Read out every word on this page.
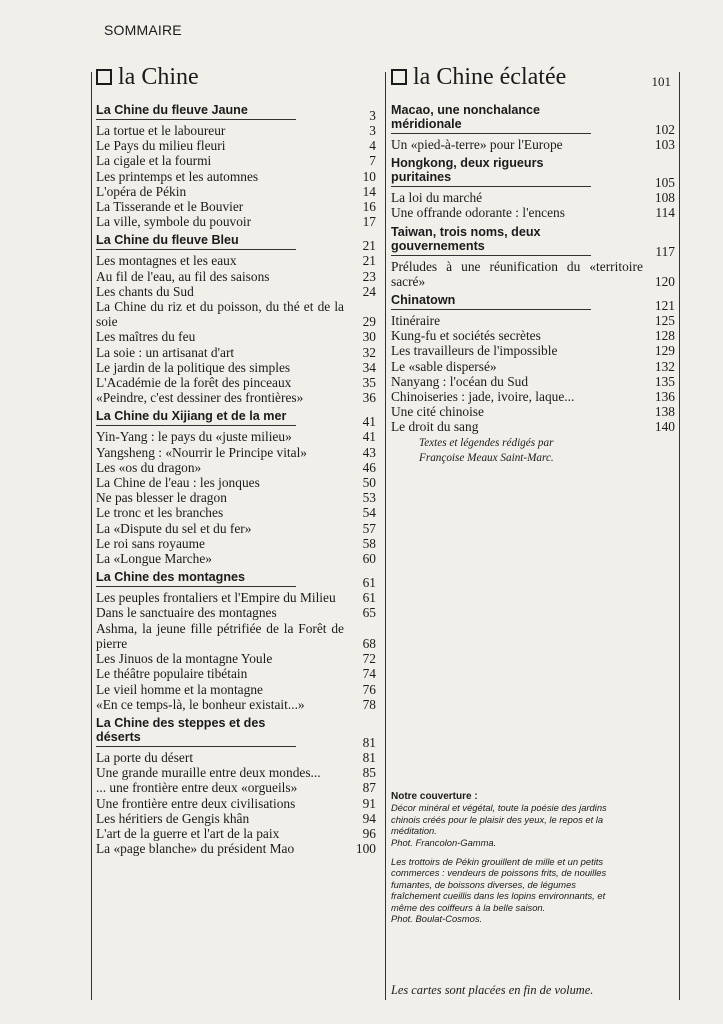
SOMMAIRE
la Chine
La Chine du fleuve Jaune	3
La tortue et le laboureur	3
Le Pays du milieu fleuri	4
La cigale et la fourmi	7
Les printemps et les automnes	10
L'opéra de Pékin	14
La Tisserande et le Bouvier	16
La ville, symbole du pouvoir	17
La Chine du fleuve Bleu	21
Les montagnes et les eaux	21
Au fil de l'eau, au fil des saisons	23
Les chants du Sud	24
La Chine du riz et du poisson, du thé et de la soie	29
Les maîtres du feu	30
La soie : un artisanat d'art	32
Le jardin de la politique des simples	34
L'Académie de la forêt des pinceaux	35
«Peindre, c'est dessiner des frontières»	36
La Chine du Xijiang et de la mer	41
Yin-Yang : le pays du «juste milieu»	41
Yangsheng : «Nourrir le Principe vital»	43
Les «os du dragon»	46
La Chine de l'eau : les jonques	50
Ne pas blesser le dragon	53
Le tronc et les branches	54
La «Dispute du sel et du fer»	57
Le roi sans royaume	58
La «Longue Marche»	60
La Chine des montagnes	61
Les peuples frontaliers et l'Empire du Milieu	61
Dans le sanctuaire des montagnes	65
Ashma, la jeune fille pétrifiée de la Forêt de pierre	68
Les Jinuos de la montagne Youle	72
Le théâtre populaire tibétain	74
Le vieil homme et la montagne	76
«En ce temps-là, le bonheur existait...»	78
La Chine des steppes et des déserts	81
La porte du désert	81
Une grande muraille entre deux mondes...	85
... une frontière entre deux «orgueils»	87
Une frontière entre deux civilisations	91
Les héritiers de Gengis khân	94
L'art de la guerre et l'art de la paix	96
La «page blanche» du président Mao	100
la Chine éclatée	101
Macao, une nonchalance méridionale	102
Un «pied-à-terre» pour l'Europe	103
Hongkong, deux rigueurs puritaines	105
La loi du marché	108
Une offrande odorante : l'encens	114
Taiwan, trois noms, deux gouvernements	117
Préludes à une réunification du «territoire sacré»	120
Chinatown	121
Itinéraire	125
Kung-fu et sociétés secrètes	128
Les travailleurs de l'impossible	129
Le «sable dispersé»	132
Nanyang : l'océan du Sud	135
Chinoiseries : jade, ivoire, laque...	136
Une cité chinoise	138
Le droit du sang	140
Textes et légendes rédigés par Françoise Meaux Saint-Marc.
Notre couverture :

Décor minéral et végétal, toute la poésie des jardins chinois créés pour le plaisir des yeux, le repos et la méditation.
Phot. Francolon-Gamma.

Les trottoirs de Pékin grouillent de mille et un petits commerces : vendeurs de poissons frits, de nouilles fumantes, de boissons diverses, de légumes fraîchement cueillis dans les lopins environnants, et même des coiffeurs à la belle saison.
Phot. Boulat-Cosmos.

Les cartes sont placées en fin de volume.
